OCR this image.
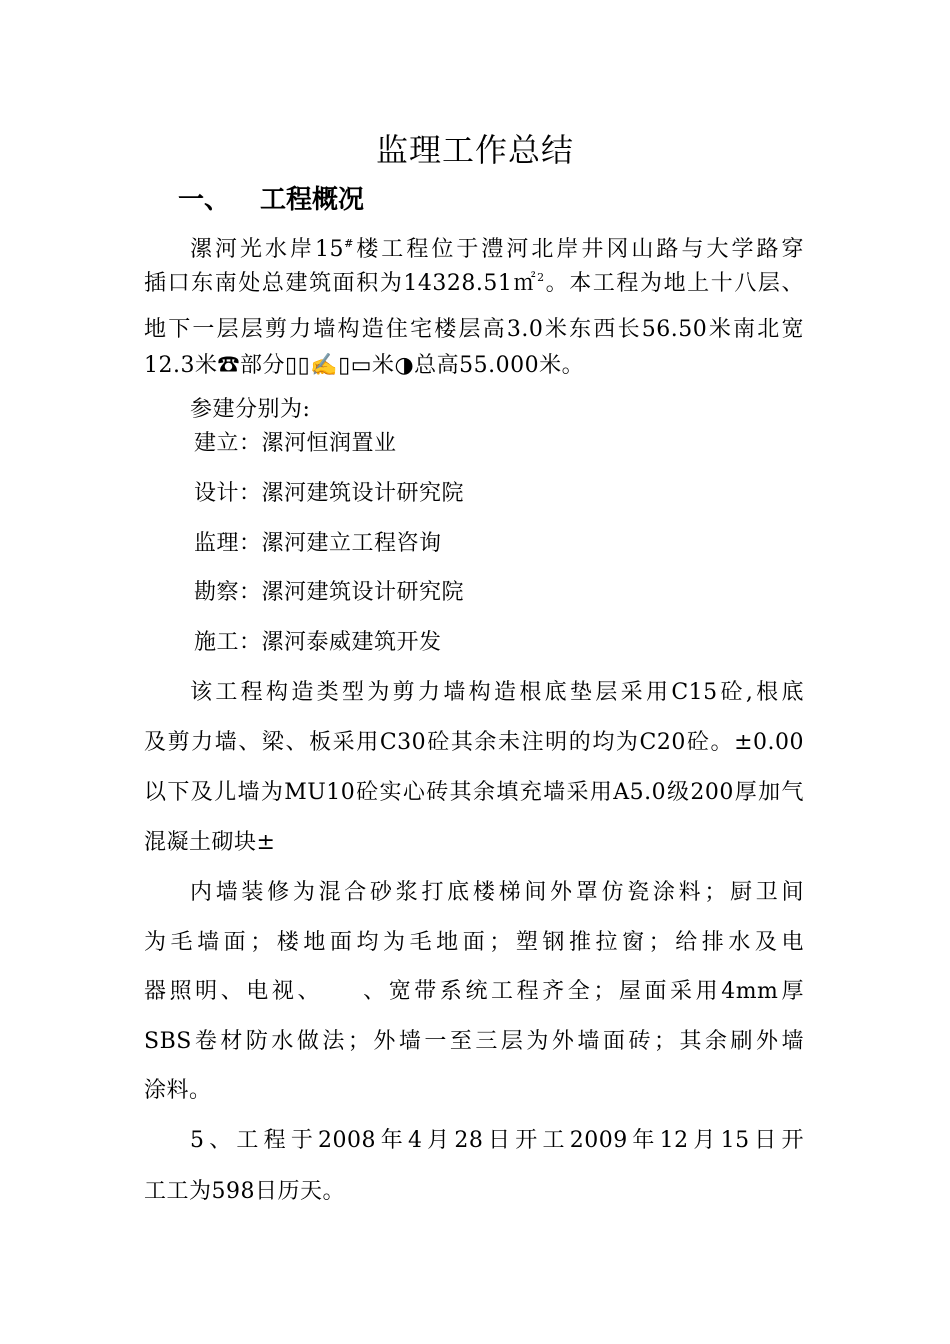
监理工作总结
一、 工程概况
漯河光水岸15#楼工程位于澧河北岸井冈山路与大学路穿
插口东南处总建筑面积为14328.51㎡$^2$。本工程为地上十八层、
地下一层层剪力墙构造住宅楼层高3.0米东西长56.50米南北宽
12.3米☎部分▯▯✍▯▭米◑总高55.000米。
参建分别为:
建立：漯河恒润置业
设计：漯河建筑设计研究院
监理：漯河建立工程咨询
勘察：漯河建筑设计研究院
施工：漯河泰威建筑开发
该工程构造类型为剪力墙构造根底垫层采用C15砼,根底
及剪力墙、梁、板采用C30砼其余未注明的均为C20砼。±0.00
以下及儿墙为MU10砼实心砖其余填充墙采用A5.0级200厚加气
混凝土砌块±
内墙装修为混合砂浆打底楼梯间外罩仿瓷涂料；厨卫间
为毛墙面；楼地面均为毛地面；塑钢推拉窗；给排水及电
器照明、电视、　　、宽带系统工程齐全；屋面采用4mm厚
SBS卷材防水做法；外墙一至三层为外墙面砖；其余刷外墙
涂料。
5、工程于2008年4月28日开工2009年12月15日开
工工为598日历天。
